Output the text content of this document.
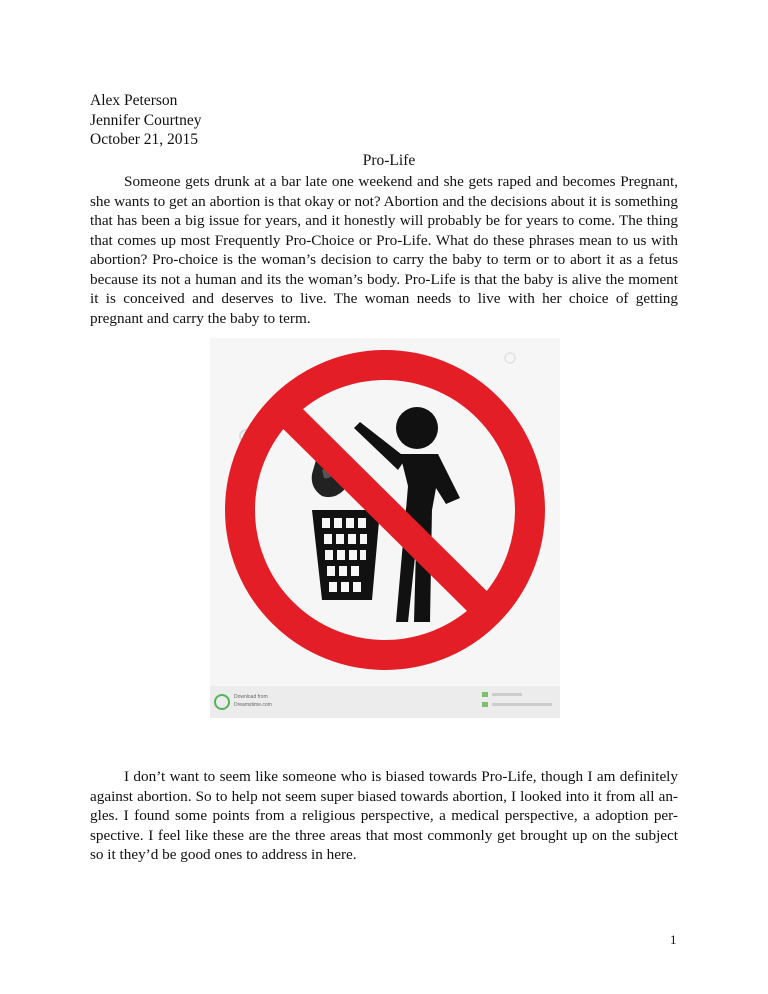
Alex Peterson
Jennifer Courtney
October 21, 2015
Pro-Life

Someone gets drunk at a bar late one weekend and she gets raped and becomes Pregnant, she wants to get an abortion is that okay or not? Abortion and the decisions about it is something that has been a big issue for years, and it honestly will probably be for years to come. The thing that comes up most Frequently Pro-Choice or Pro-Life. What do these phrases mean to us with abortion? Pro-choice is the woman’s decision to carry the baby to term or to abort it as a fetus because its not a human and its the woman’s body. Pro-Life is that the baby is alive the moment it is conceived and deserves to live. The woman needs to live with her choice of getting pregnant and carry the baby to term.

Download from
Dreamstime.com

I don’t want to seem like someone who is biased towards Pro-Life, though I am definitely against abortion. So to help not seem super biased towards abortion, I looked into it from all an-gles. I found some points from a religious perspective, a medical perspective, a adoption per-spective. I feel like these are the three areas that most commonly get brought up on the subject so it they’d be good ones to address in here.

1
